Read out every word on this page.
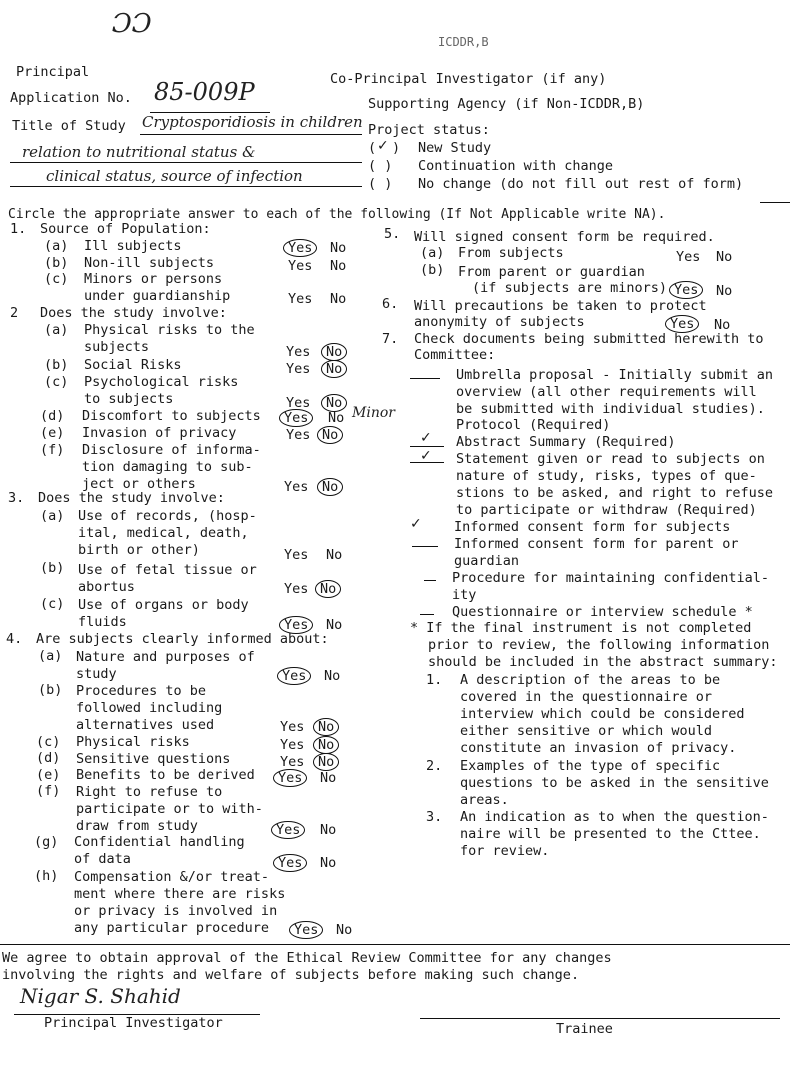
ƆƆ
ICDDR,B
Principal	Co-Principal Investigator (if any)
Application No. 85-009P	Supporting Agency (if Non-ICDDR,B)
Title of Study Cryptosporidiosis in children
relation to nutritional status &
clinical status, source of infection
Project status:
( ✓ ) New Study
( ) Continuation with change
( ) No change (do not fill out rest of form)
Circle the appropriate answer to each of the following (If Not Applicable write NA).
1. Source of Population:
(a) Ill subjects	Yes No
(b) Non-ill subjects	Yes No
(c) Minors or persons
under guardianship	Yes No
2 Does the study involve:
(a) Physical risks to the
subjects	Yes No
(b) Social Risks	Yes No
(c) Psychological risks
to subjects	Yes No
(d) Discomfort to subjects Yes No Minor
(e) Invasion of privacy	Yes No
(f) Disclosure of informa-
tion damaging to sub-
ject or others	Yes No
3. Does the study involve:
(a) Use of records, (hosp-
ital, medical, death,
birth or other)	Yes No
(b) Use of fetal tissue or
abortus	Yes No
(c) Use of organs or body
fluids	Yes No
4. Are subjects clearly informed about:
(a) Nature and purposes of
study	Yes No
(b) Procedures to be
followed including
alternatives used	Yes No
(c) Physical risks	Yes No
(d) Sensitive questions	Yes No
(e) Benefits to be derived Yes No
(f) Right to refuse to
participate or to with-
draw from study	Yes No
(g) Confidential handling
of data	Yes No
(h) Compensation &/or treat-
ment where there are risks
or privacy is involved in
any particular procedure Yes No
5. Will signed consent form be required.
(a) From subjects	Yes No
(b) From parent or guardian
(if subjects are minors) Yes No
6. Will precautions be taken to protect
anonymity of subjects	Yes No
7. Check documents being submitted herewith to
Committee:
Umbrella proposal - Initially submit an
overview (all other requirements will
be submitted with individual studies).
Protocol (Required)
✓ Abstract Summary (Required)
✓ Statement given or read to subjects on
nature of study, risks, types of que-
stions to be asked, and right to refuse
to participate or withdraw (Required)
✓ Informed consent form for subjects
Informed consent form for parent or
guardian
Procedure for maintaining confidential-
ity
Questionnaire or interview schedule *
* If the final instrument is not completed
prior to review, the following information
should be included in the abstract summary:
1. A description of the areas to be
covered in the questionnaire or
interview which could be considered
either sensitive or which would
constitute an invasion of privacy.
2. Examples of the type of specific
questions to be asked in the sensitive
areas.
3. An indication as to when the question-
naire will be presented to the Cttee.
for review.
We agree to obtain approval of the Ethical Review Committee for any changes
involving the rights and welfare of subjects before making such change.
Nigar S. Shahid
Principal Investigator	Trainee
